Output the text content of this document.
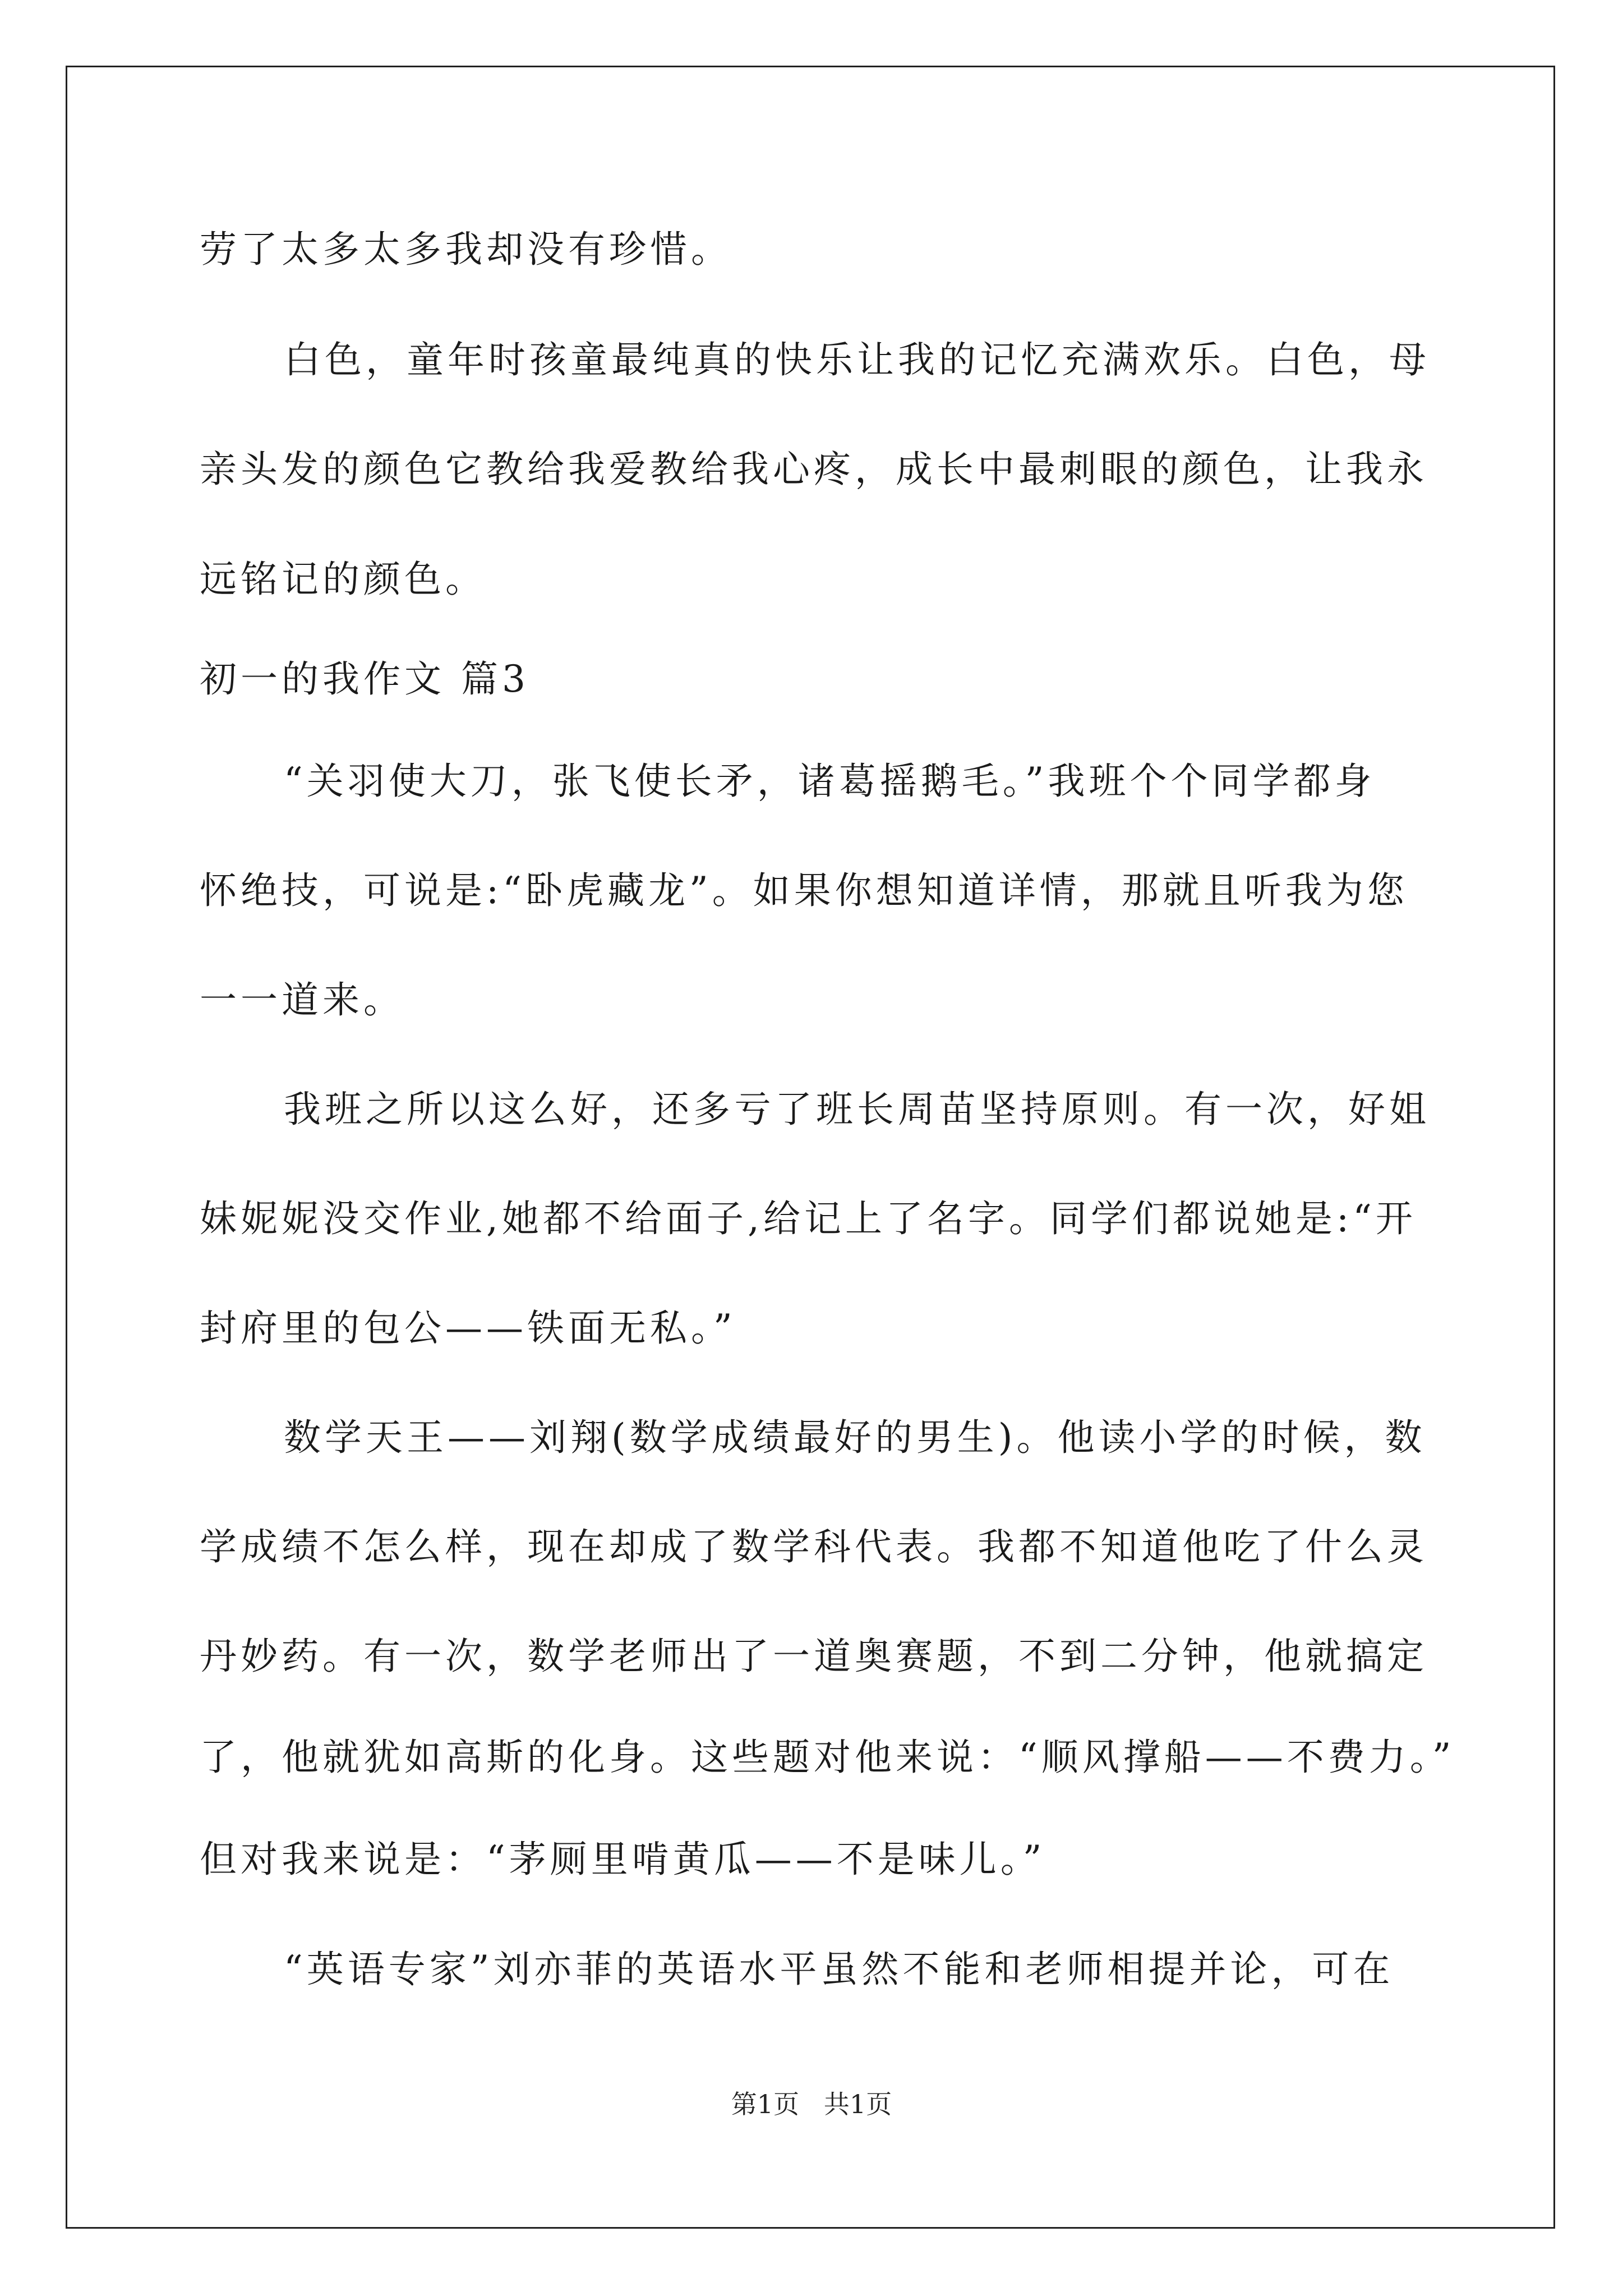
劳了太多太多我却没有珍惜。
白色，童年时孩童最纯真的快乐让我的记忆充满欢乐。白色，母
亲头发的颜色它教给我爱教给我心疼，成长中最刺眼的颜色，让我永
远铭记的颜色。
初一的我作文 篇3
“关羽使大刀，张飞使长矛，诸葛摇鹅毛。”我班个个同学都身
怀绝技，可说是:“卧虎藏龙”。如果你想知道详情，那就且听我为您
一一道来。
我班之所以这么好，还多亏了班长周苗坚持原则。有一次，好姐
妹妮妮没交作业,她都不给面子,给记上了名字。同学们都说她是:“开
封府里的包公——铁面无私。”
数学天王——刘翔(数学成绩最好的男生)。他读小学的时候，数
学成绩不怎么样，现在却成了数学科代表。我都不知道他吃了什么灵
丹妙药。有一次，数学老师出了一道奥赛题，不到二分钟，他就搞定
了，他就犹如高斯的化身。这些题对他来说：“顺风撑船——不费力。”
但对我来说是：“茅厕里啃黄瓜——不是味儿。”
“英语专家”刘亦菲的英语水平虽然不能和老师相提并论，可在
第1页   共1页
